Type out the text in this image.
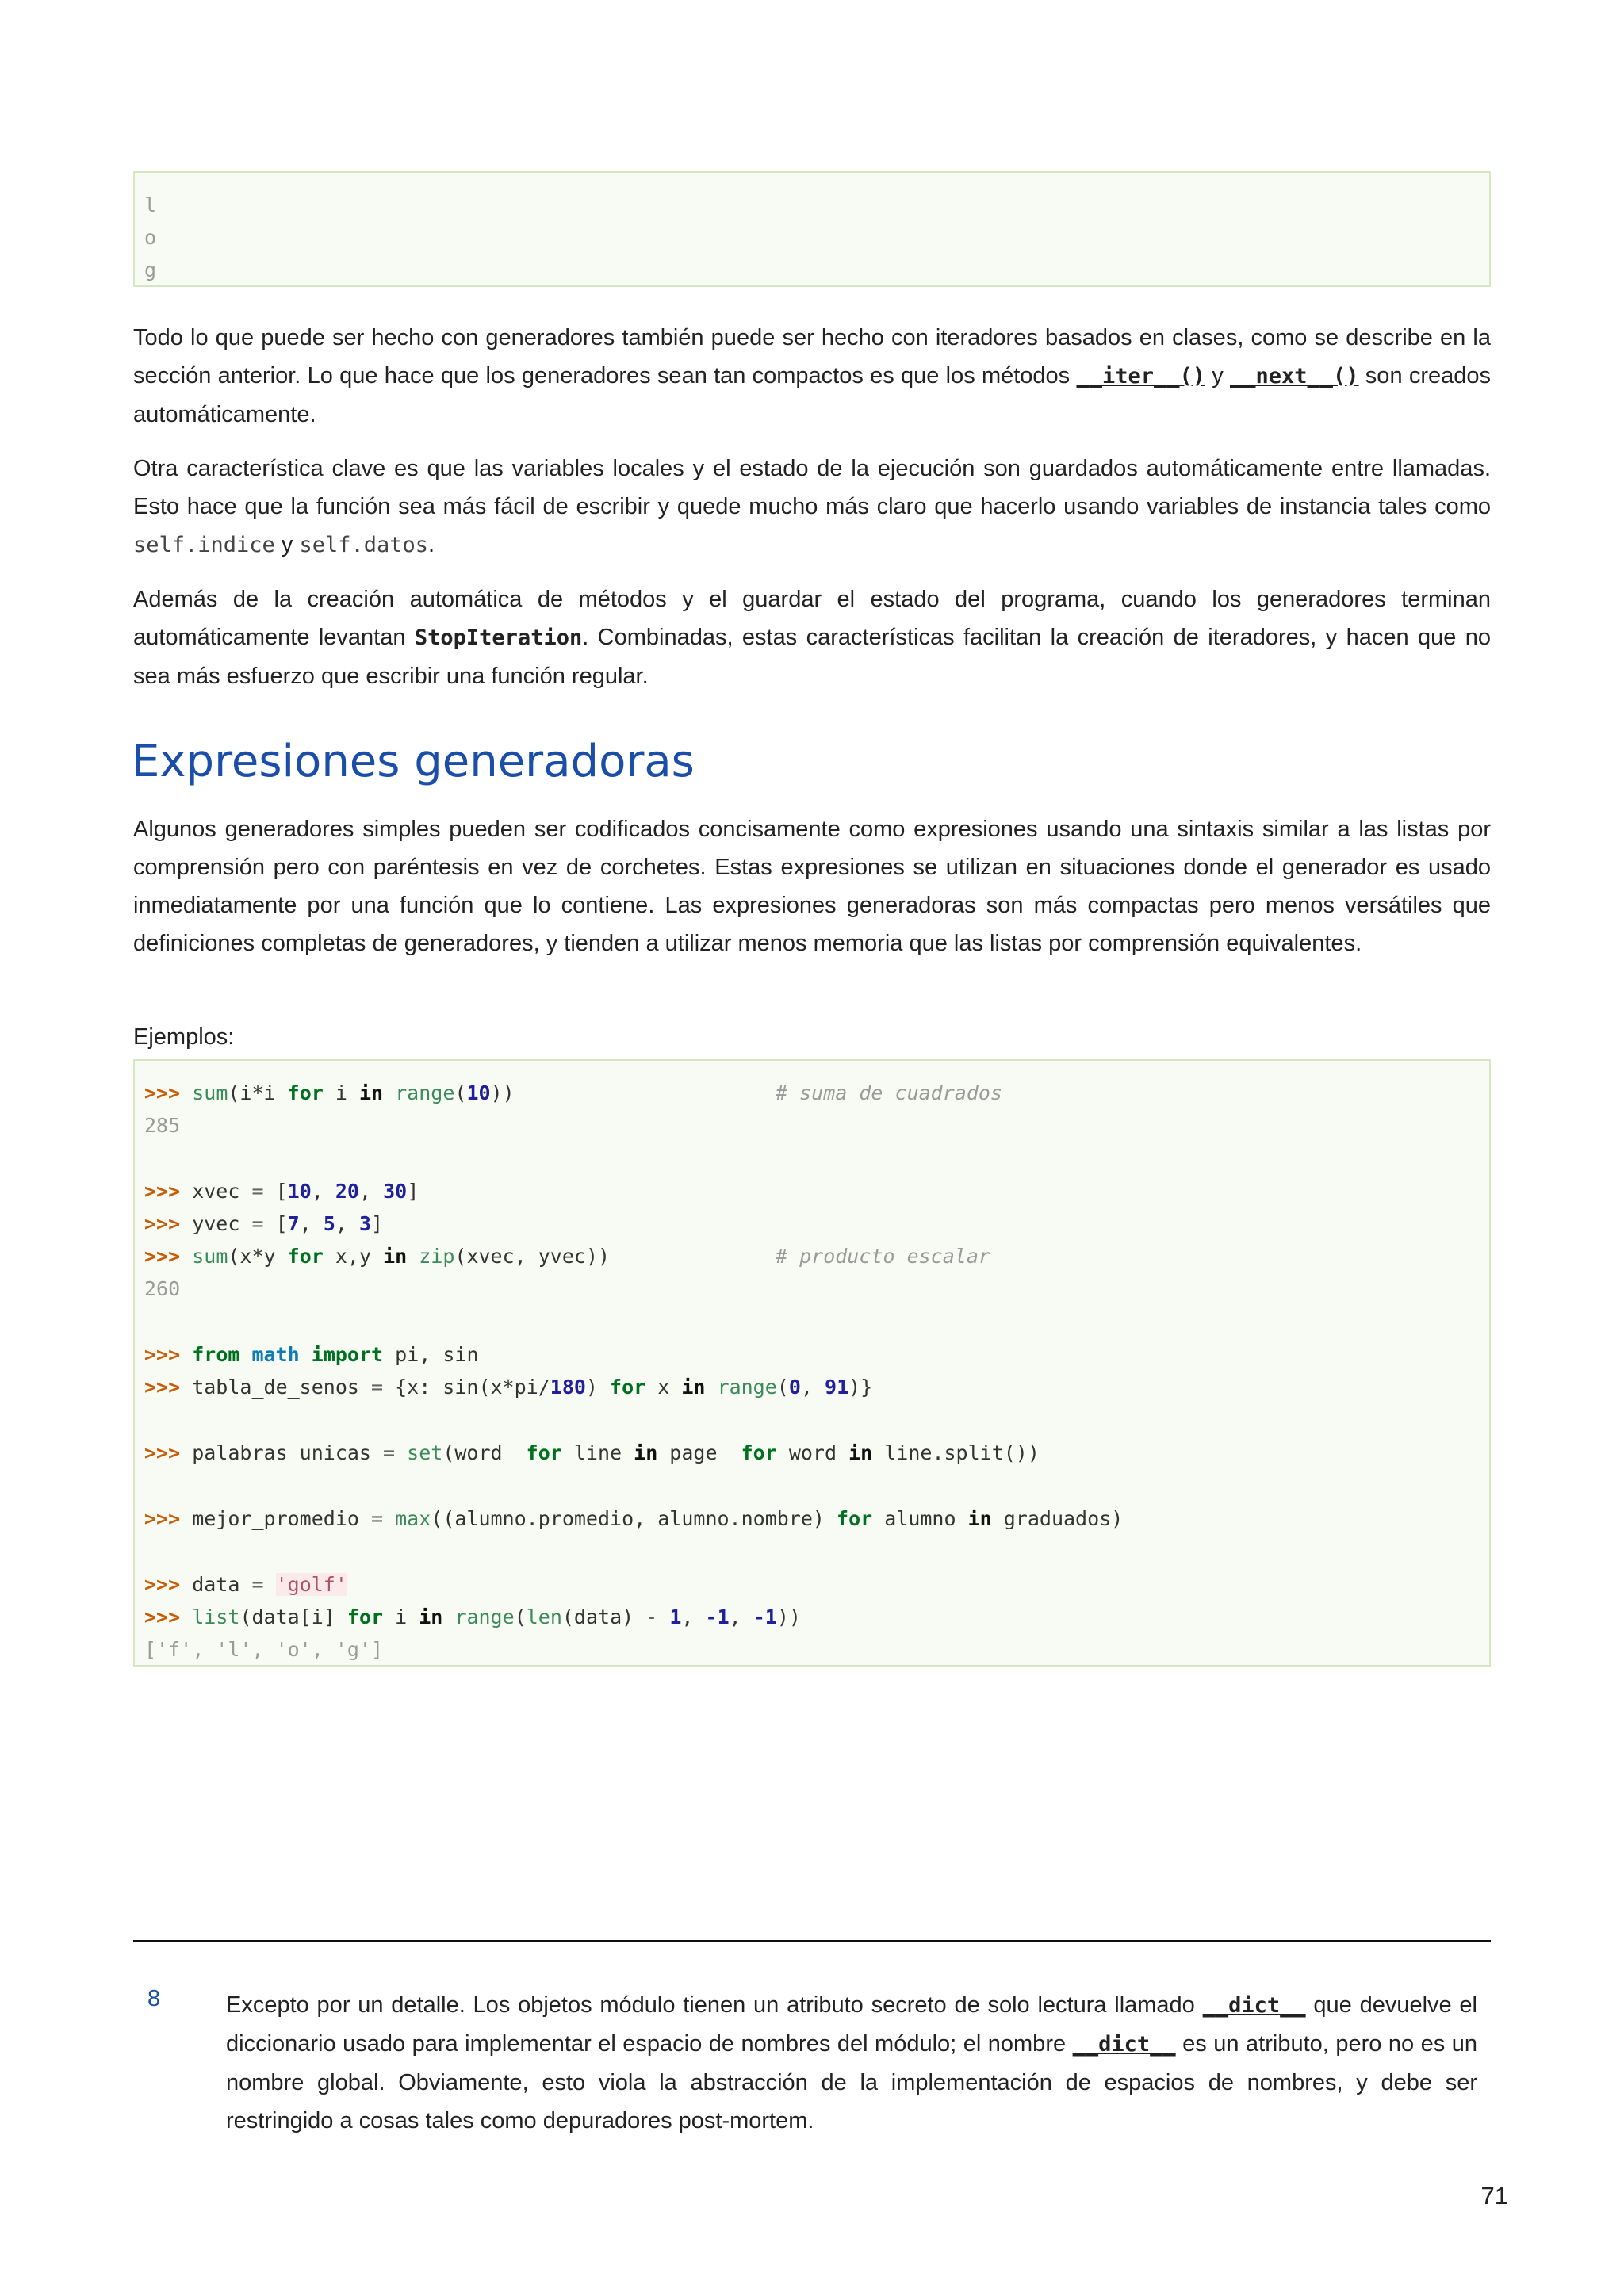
l
o
g
Todo lo que puede ser hecho con generadores también puede ser hecho con iteradores basados en clases, como se describe en la sección anterior. Lo que hace que los generadores sean tan compactos es que los métodos __iter__() y __next__() son creados automáticamente.
Otra característica clave es que las variables locales y el estado de la ejecución son guardados automáticamente entre llamadas. Esto hace que la función sea más fácil de escribir y quede mucho más claro que hacerlo usando variables de instancia tales como self.indice y self.datos.
Además de la creación automática de métodos y el guardar el estado del programa, cuando los generadores terminan automáticamente levantan StopIteration. Combinadas, estas características facilitan la creación de iteradores, y hacen que no sea más esfuerzo que escribir una función regular.
Expresiones generadoras
Algunos generadores simples pueden ser codificados concisamente como expresiones usando una sintaxis similar a las listas por comprensión pero con paréntesis en vez de corchetes. Estas expresiones se utilizan en situaciones donde el generador es usado inmediatamente por una función que lo contiene. Las expresiones generadoras son más compactas pero menos versátiles que definiciones completas de generadores, y tienden a utilizar menos memoria que las listas por comprensión equivalentes.
Ejemplos:
>>> sum(i*i for i in range(10))	# suma de cuadrados
285
>>> xvec = [10, 20, 30]
>>> yvec = [7, 5, 3]
>>> sum(x*y for x,y in zip(xvec, yvec))	# producto escalar
260
>>> from math import pi, sin
>>> tabla_de_senos = {x: sin(x*pi/180) for x in range(0, 91)}
>>> palabras_unicas = set(word  for line in page  for word in line.split())
>>> mejor_promedio = max((alumno.promedio, alumno.nombre) for alumno in graduados)
>>> data = 'golf'
>>> list(data[i] for i in range(len(data) - 1, -1, -1))
['f', 'l', 'o', 'g']
8	Excepto por un detalle. Los objetos módulo tienen un atributo secreto de solo lectura llamado __dict__ que devuelve el diccionario usado para implementar el espacio de nombres del módulo; el nombre __dict__ es un atributo, pero no es un nombre global. Obviamente, esto viola la abstracción de la implementación de espacios de nombres, y debe ser restringido a cosas tales como depuradores post-mortem.
71
